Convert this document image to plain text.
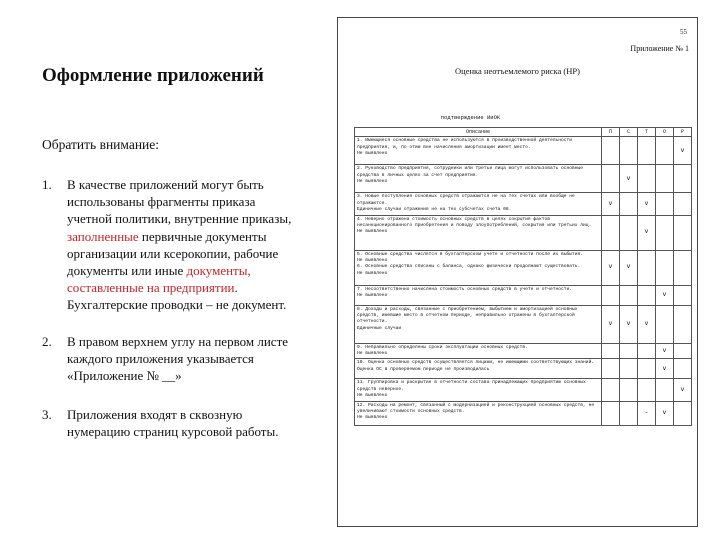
Оформление приложений
Обратить внимание:
1.	В качестве приложений могут быть использованы фрагменты приказа учетной политики, внутренние приказы, заполненные первичные документы организации или ксерокопии, рабочие документы или иные документы, составленные на предприятии. Бухгалтерские проводки – не документ.
2.	В правом верхнем углу на первом листе каждого приложения указывается «Приложение № __»
3.	Приложения входят в сквозную нумерацию страниц курсовой работы.
55
Приложение № 1
Оценка неотъемлемого риска (НР)
подтверждение ИиОК
Описание	П	С	Т	О	Р
1. Имеющиеся основные средства не используются в производственной деятельности предприятия, и, по этим вне начисления амортизации имеет место.
Не выявлено					v
2. Руководство предприятия, сотрудники или третьи лица могут использовать основные средства в личных целях за счет предприятия.
Не выявлено		v			
3. Новые поступления основных средств отражаются не на тех счетах или вообще не отражаются.
Единичные случаи отражения не на тех субсчетах счета 08.	v		v		
4. Неверно отражена стоимость основных средств в целях сокрытия фактов несанкционированного приобретения и поводу злоупотреблений, сокрытия или третьих лиц.
Не выявлено			v		
5. Основные средства числятся в бухгалтерском учете и отчетности после их выбытия.
Не выявлено
6. Основные средства списаны с баланса, однако физически продолжают существовать.
Не выявлено	v	v			
7. Несоответственно начислена стоимость основных средств в учете и отчетности.
Не выявлено				v	
8. Доходы и расходы, связанные с приобретением, выбытием и амортизацией основных средств, имевшие место в отчетном периоде, неправильно отражены в бухгалтерской отчетности.
Единичные случаи	v	v	v		
9. Неправильно определены сроки эксплуатации основных средств.
Не выявлено				v	
10. Оценка основных средств осуществляется лицами, не имеющими соответствующих знаний.
Оценка ОС в проверяемом периоде не производилась				v	
11. Группировка и раскрытие в отчетности состава принадлежащих предприятию основных средств неверное.
Не выявлено					v
12. Расходы на ремонт, связанный с модернизацией и реконструкцией основных средств, не увеличивают стоимости основных средств.
Не выявлено			-	v	
